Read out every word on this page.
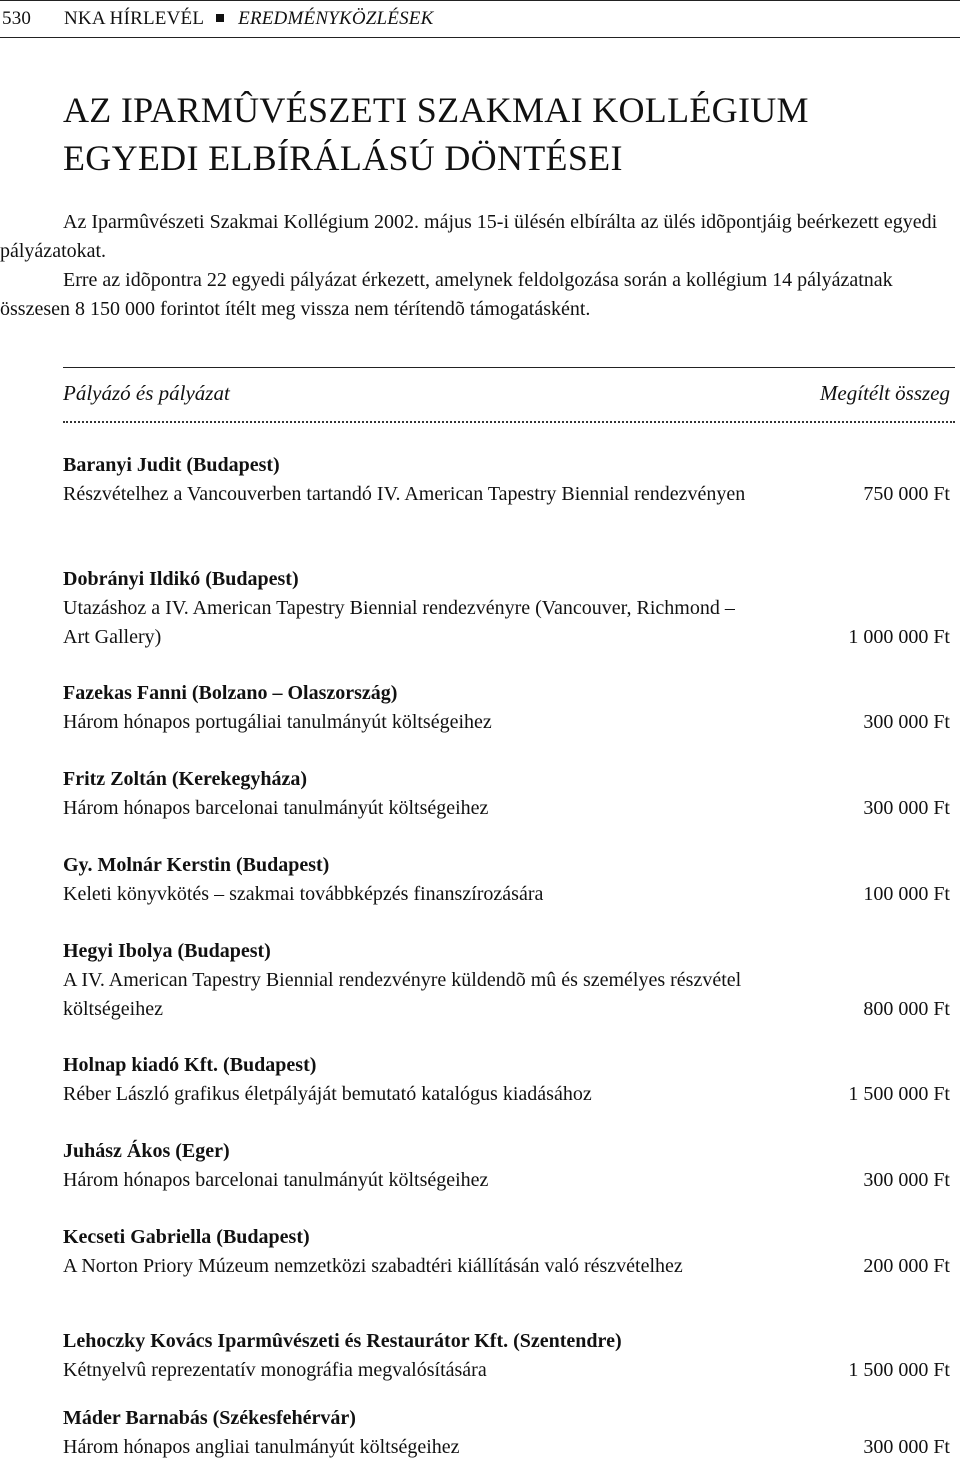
530	NKA HÍRLEVÉL EREDMÉNYKÖZLÉSEK
AZ IPARMÛVÉSZETI SZAKMAI KOLLÉGIUM
EGYEDI ELBÍRÁLÁSÚ DÖNTÉSEI

Az Iparmûvészeti Szakmai Kollégium 2002. május 15-i ülésén elbírálta az ülés idõpontjáig beérkezett egyedi pályázatokat.

Erre az idõpontra 22 egyedi pályázat érkezett, amelynek feldolgozása során a kollégium 14 pályázatnak összesen 8 150 000 forintot ítélt meg vissza nem térítendõ támogatásként.

Pályázó és pályázat	Megítélt összeg
Baranyi Judit (Budapest)
Részvételhez a Vancouverben tartandó IV. American Tapestry Biennial rendezvényen	750 000 Ft
Dobrányi Ildikó (Budapest)
Utazáshoz a IV. American Tapestry Biennial rendezvényre (Vancouver, Richmond – Art Gallery)	1 000 000 Ft
Fazekas Fanni (Bolzano – Olaszország)
Három hónapos portugáliai tanulmányút költségeihez	300 000 Ft
Fritz Zoltán (Kerekegyháza)
Három hónapos barcelonai tanulmányút költségeihez	300 000 Ft
Gy. Molnár Kerstin (Budapest)
Keleti könyvkötés – szakmai továbbképzés finanszírozására	100 000 Ft
Hegyi Ibolya (Budapest)
A IV. American Tapestry Biennial rendezvényre küldendõ mû és személyes részvétel költségeihez	800 000 Ft
Holnap kiadó Kft. (Budapest)
Réber László grafikus életpályáját bemutató katalógus kiadásához	1 500 000 Ft
Juhász Ákos (Eger)
Három hónapos barcelonai tanulmányút költségeihez	300 000 Ft
Kecseti Gabriella (Budapest)
A Norton Priory Múzeum nemzetközi szabadtéri kiállításán való részvételhez	200 000 Ft
Lehoczky Kovács Iparmûvészeti és Restaurátor Kft. (Szentendre)
Kétnyelvû reprezentatív monográfia megvalósítására	1 500 000 Ft
Máder Barnabás (Székesfehérvár)
Három hónapos angliai tanulmányút költségeihez	300 000 Ft
